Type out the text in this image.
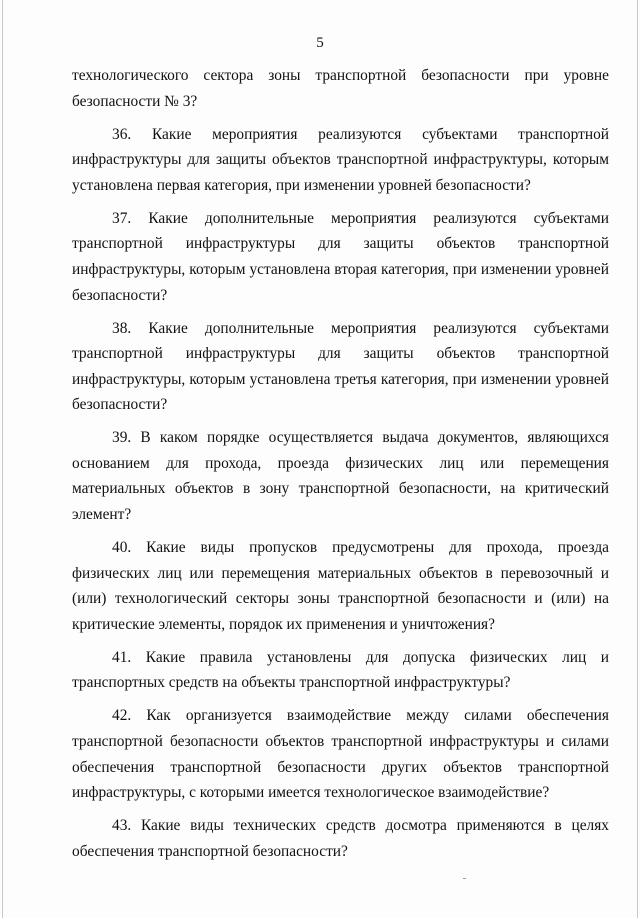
5

технологического сектора зоны транспортной безопасности при уровне безопасности № 3?

36. Какие мероприятия реализуются субъектами транспортной инфраструктуры для защиты объектов транспортной инфраструктуры, которым установлена первая категория, при изменении уровней безопасности?

37. Какие дополнительные мероприятия реализуются субъектами транспортной инфраструктуры для защиты объектов транспортной инфраструктуры, которым установлена вторая категория, при изменении уровней безопасности?

38. Какие дополнительные мероприятия реализуются субъектами транспортной инфраструктуры для защиты объектов транспортной инфраструктуры, которым установлена третья категория, при изменении уровней безопасности?

39. В каком порядке осуществляется выдача документов, являющихся основанием для прохода, проезда физических лиц или перемещения материальных объектов в зону транспортной безопасности, на критический элемент?

40. Какие виды пропусков предусмотрены для прохода, проезда физических лиц или перемещения материальных объектов в перевозочный и (или) технологический секторы зоны транспортной безопасности и (или) на критические элементы, порядок их применения и уничтожения?

41. Какие правила установлены для допуска физических лиц и транспортных средств на объекты транспортной инфраструктуры?

42. Как организуется взаимодействие между силами обеспечения транспортной безопасности объектов транспортной инфраструктуры и силами обеспечения транспортной безопасности других объектов транспортной инфраструктуры, с которыми имеется технологическое взаимодействие?

43. Какие виды технических средств досмотра применяются в целях обеспечения транспортной безопасности?
